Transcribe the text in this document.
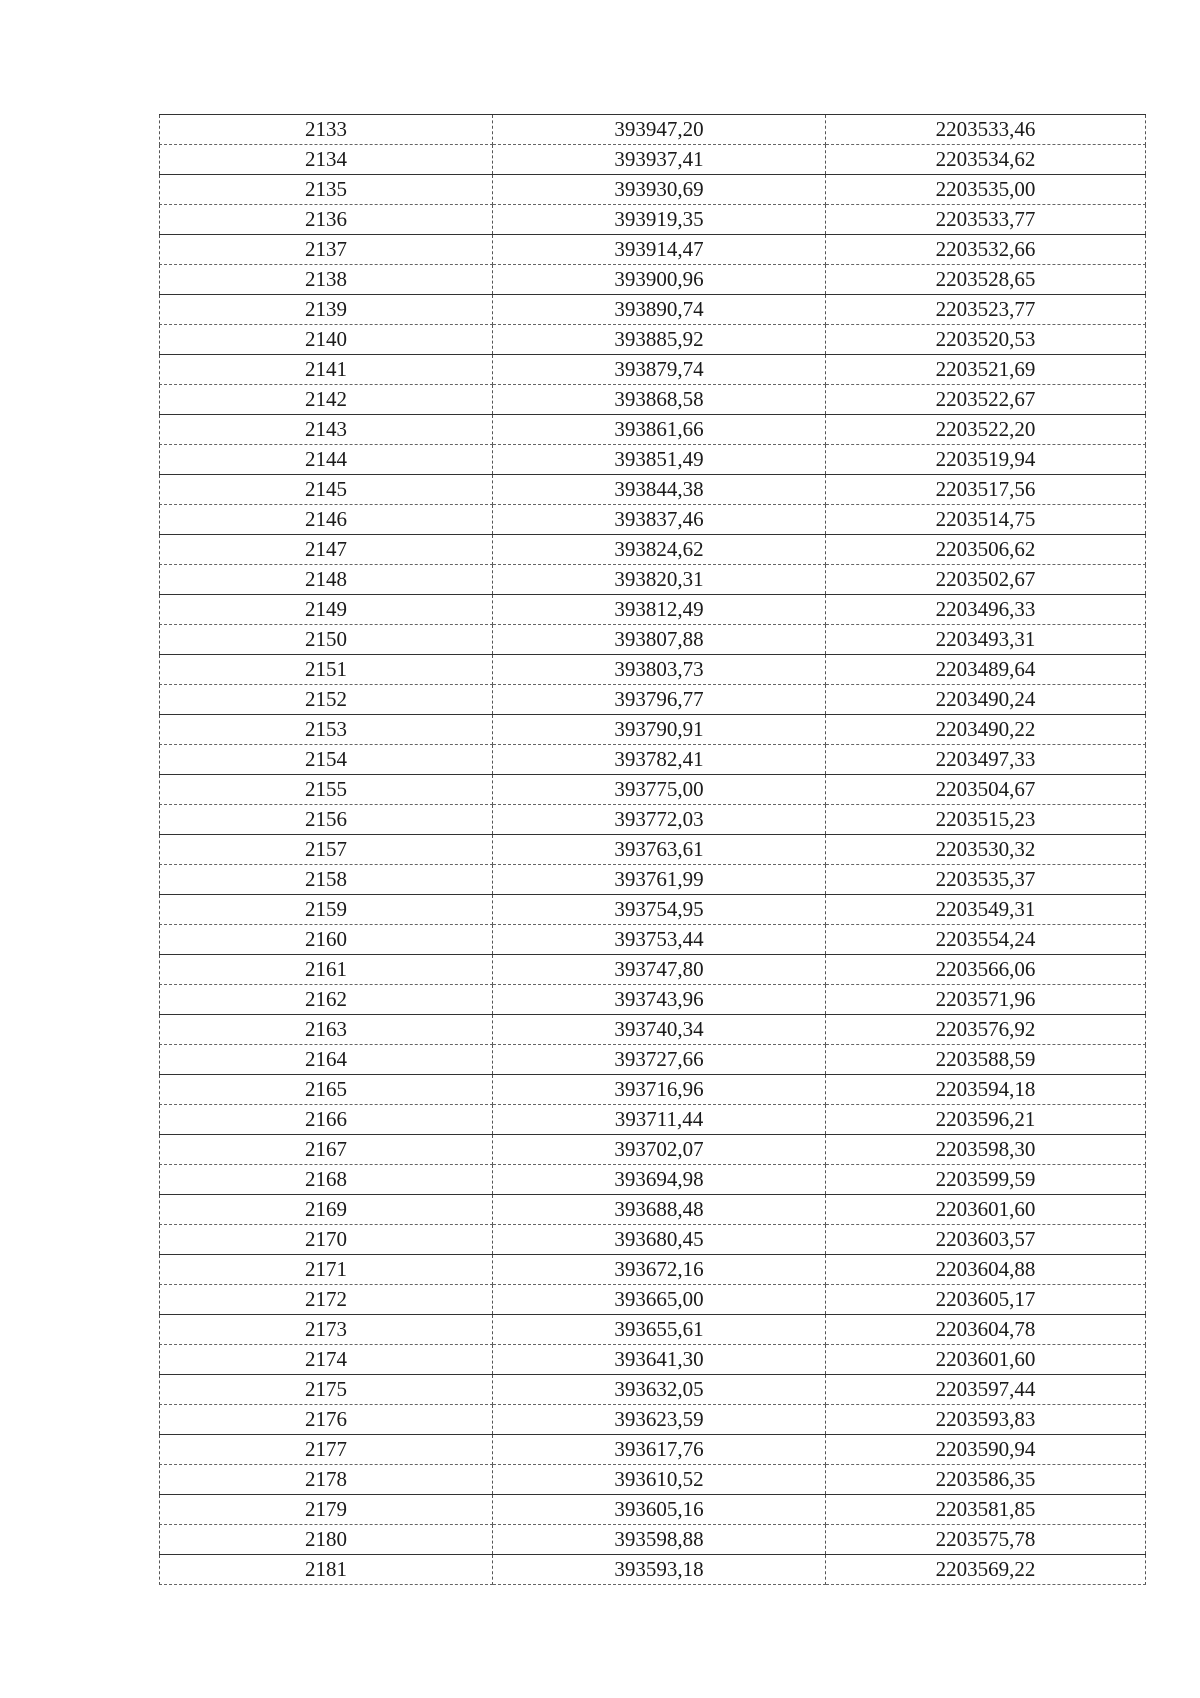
2133	393947,20	2203533,46
2134	393937,41	2203534,62
2135	393930,69	2203535,00
2136	393919,35	2203533,77
2137	393914,47	2203532,66
2138	393900,96	2203528,65
2139	393890,74	2203523,77
2140	393885,92	2203520,53
2141	393879,74	2203521,69
2142	393868,58	2203522,67
2143	393861,66	2203522,20
2144	393851,49	2203519,94
2145	393844,38	2203517,56
2146	393837,46	2203514,75
2147	393824,62	2203506,62
2148	393820,31	2203502,67
2149	393812,49	2203496,33
2150	393807,88	2203493,31
2151	393803,73	2203489,64
2152	393796,77	2203490,24
2153	393790,91	2203490,22
2154	393782,41	2203497,33
2155	393775,00	2203504,67
2156	393772,03	2203515,23
2157	393763,61	2203530,32
2158	393761,99	2203535,37
2159	393754,95	2203549,31
2160	393753,44	2203554,24
2161	393747,80	2203566,06
2162	393743,96	2203571,96
2163	393740,34	2203576,92
2164	393727,66	2203588,59
2165	393716,96	2203594,18
2166	393711,44	2203596,21
2167	393702,07	2203598,30
2168	393694,98	2203599,59
2169	393688,48	2203601,60
2170	393680,45	2203603,57
2171	393672,16	2203604,88
2172	393665,00	2203605,17
2173	393655,61	2203604,78
2174	393641,30	2203601,60
2175	393632,05	2203597,44
2176	393623,59	2203593,83
2177	393617,76	2203590,94
2178	393610,52	2203586,35
2179	393605,16	2203581,85
2180	393598,88	2203575,78
2181	393593,18	2203569,22
